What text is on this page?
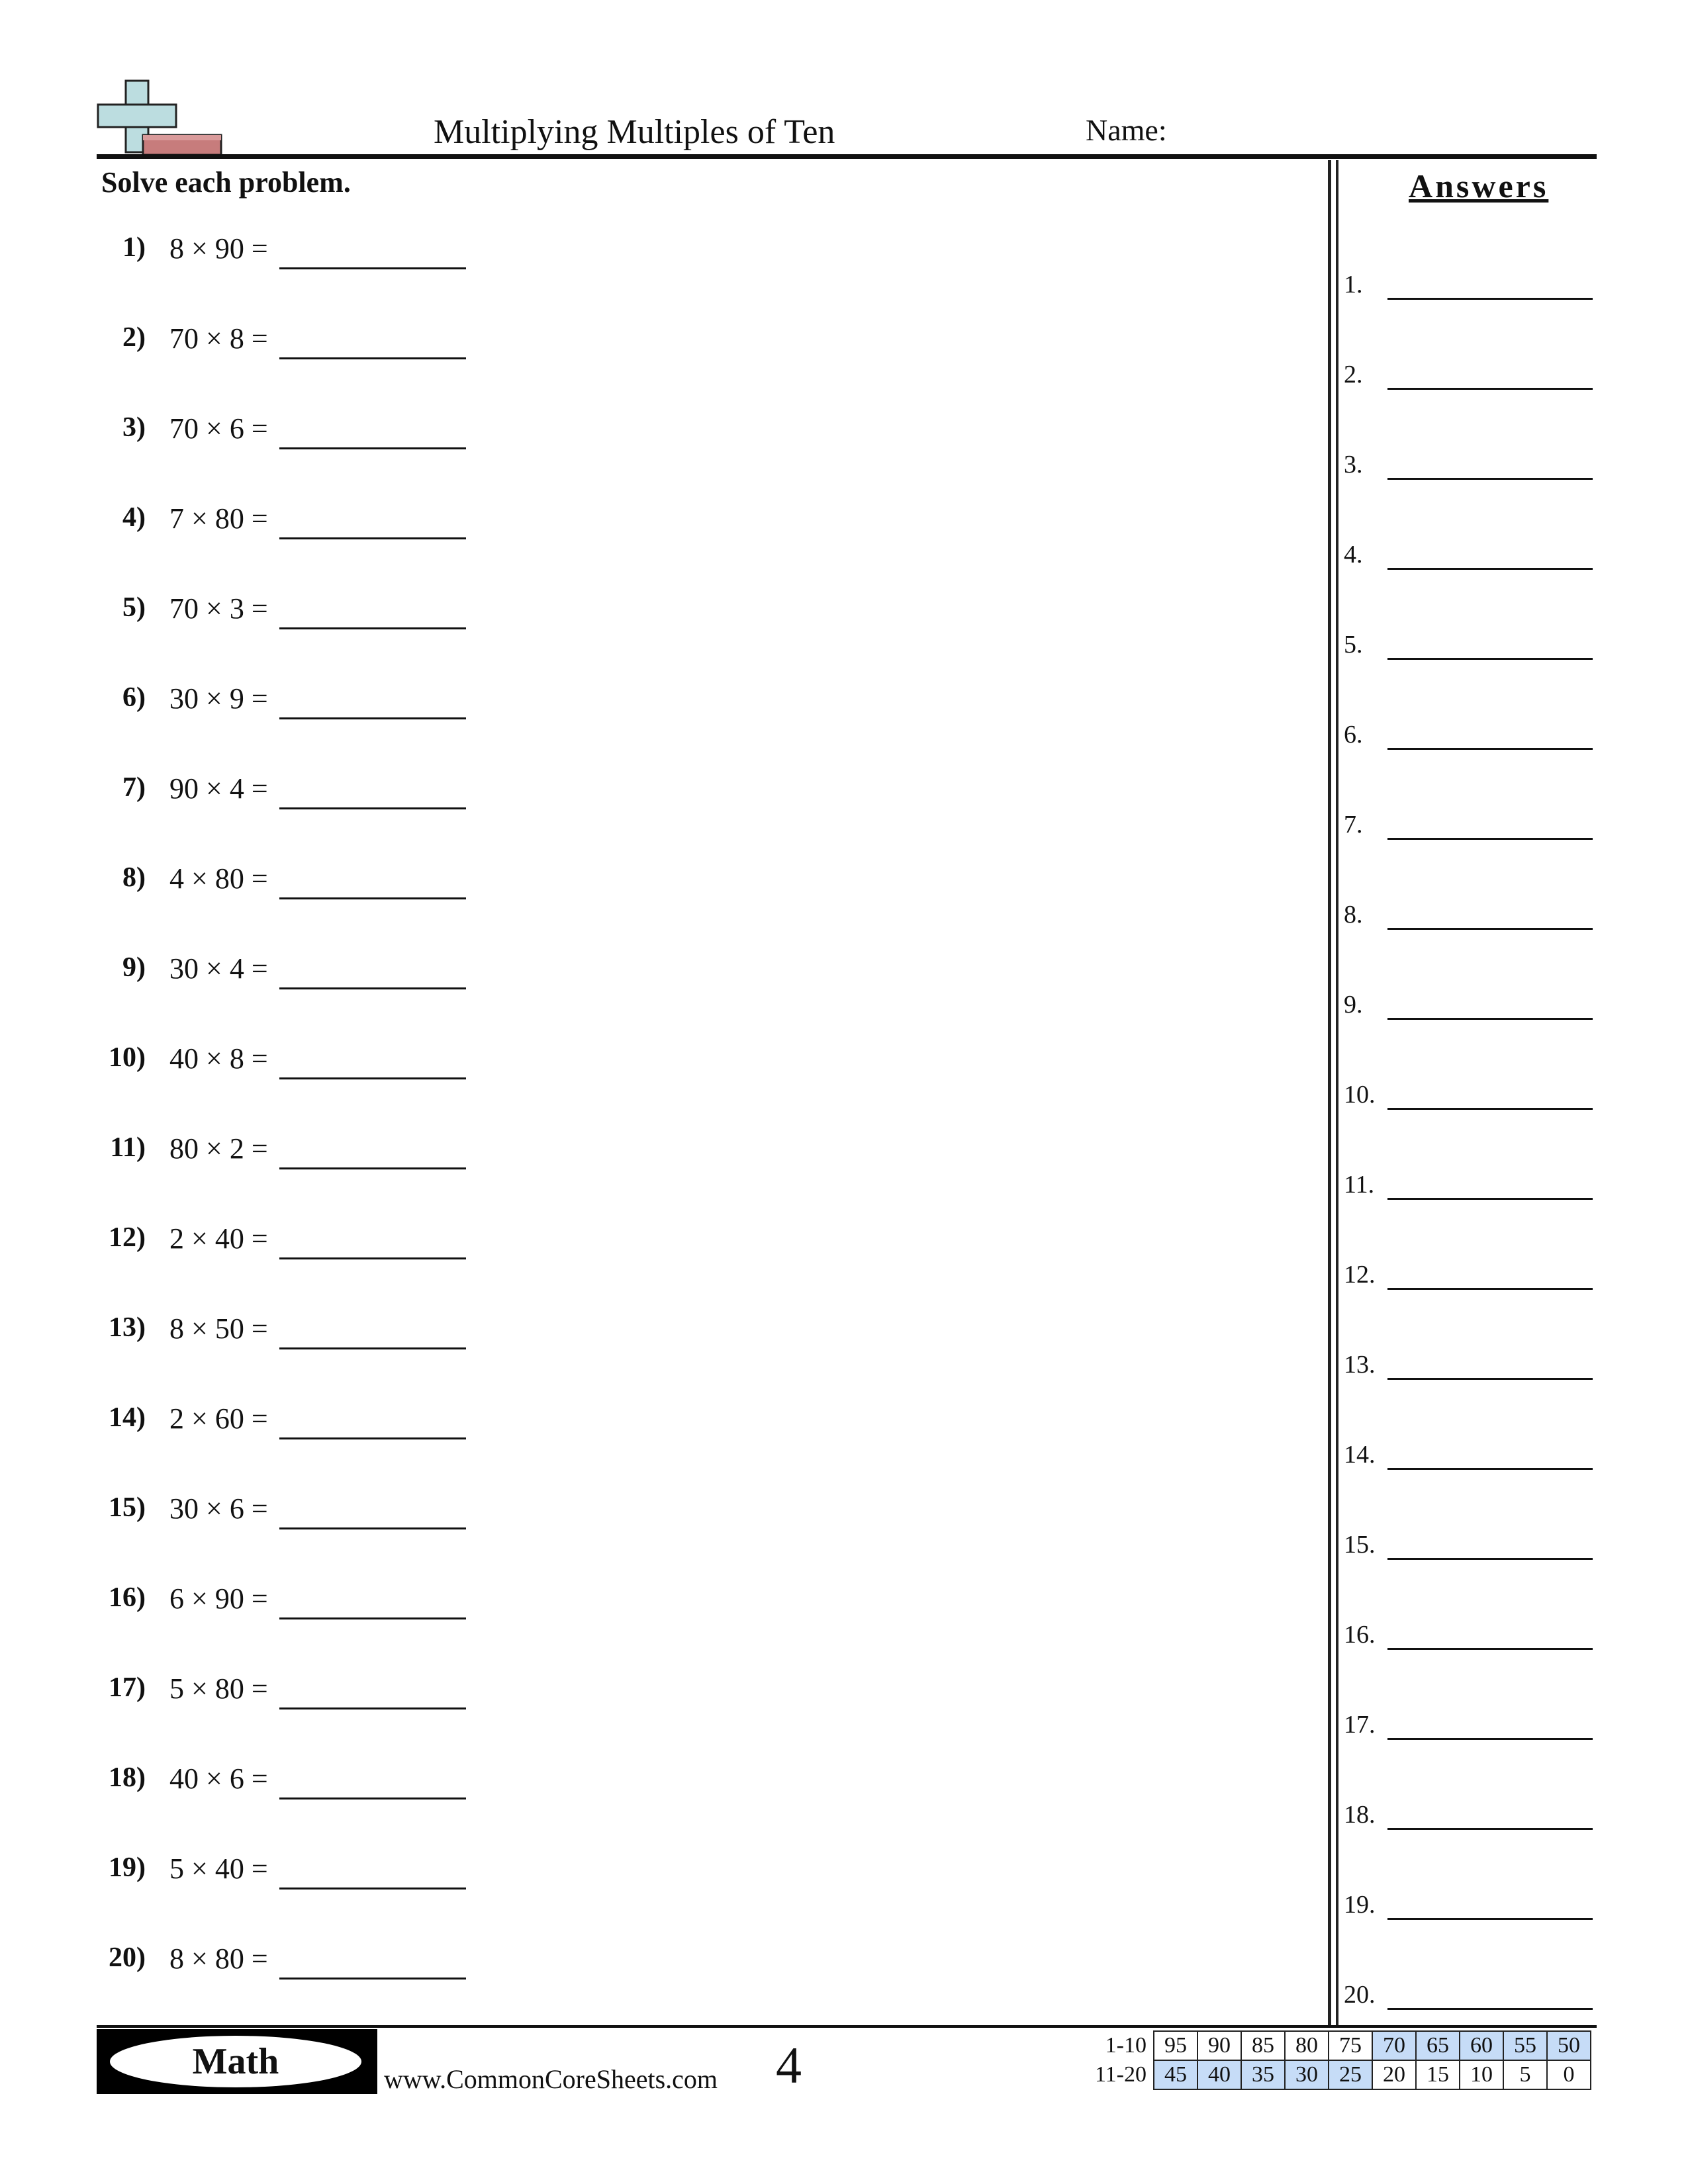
Multiplying Multiples of Ten	Name:
Solve each problem.
1) 8 × 90 =
2) 70 × 8 =
3) 70 × 6 =
4) 7 × 80 =
5) 70 × 3 =
6) 30 × 9 =
7) 90 × 4 =
8) 4 × 80 =
9) 30 × 4 =
10) 40 × 8 =
11) 80 × 2 =
12) 2 × 40 =
13) 8 × 50 =
14) 2 × 60 =
15) 30 × 6 =
16) 6 × 90 =
17) 5 × 80 =
18) 40 × 6 =
19) 5 × 40 =
20) 8 × 80 =
Answers
1.
2.
3.
4.
5.
6.
7.
8.
9.
10.
11.
12.
13.
14.
15.
16.
17.
18.
19.
20.
Math	www.CommonCoreSheets.com 4	1-10	95	90	85	80	75	70	65	60	55	50
11-20	45	40	35	30	25	20	15	10	5	0
